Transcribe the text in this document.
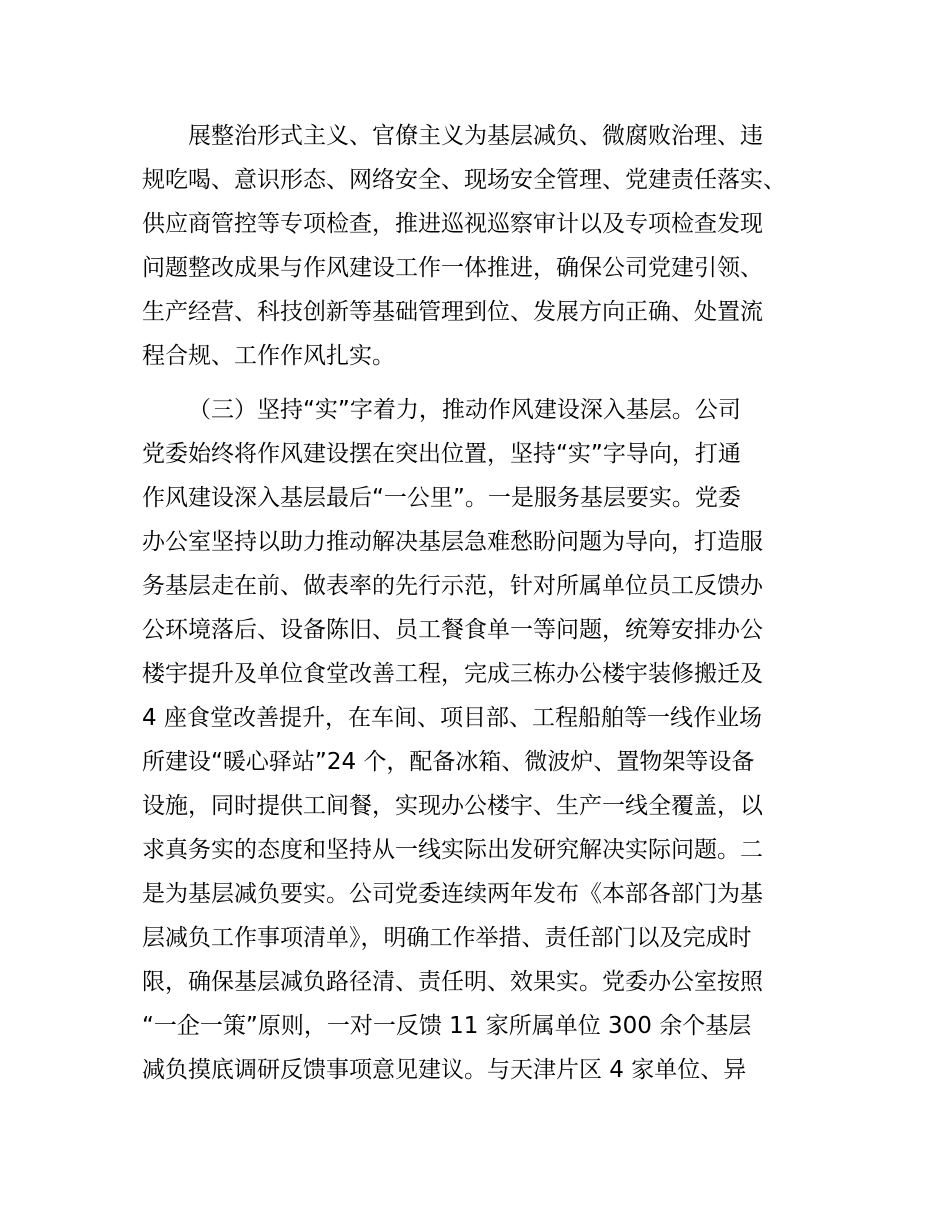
展整治形式主义、官僚主义为基层减负、微腐败治理、违
规吃喝、意识形态、网络安全、现场安全管理、党建责任落实、
供应商管控等专项检查，推进巡视巡察审计以及专项检查发现
问题整改成果与作风建设工作一体推进，确保公司党建引领、
生产经营、科技创新等基础管理到位、发展方向正确、处置流
程合规、工作作风扎实。
（三）坚持“实”字着力，推动作风建设深入基层。公司
党委始终将作风建设摆在突出位置，坚持“实”字导向，打通
作风建设深入基层最后“一公里”。一是服务基层要实。党委
办公室坚持以助力推动解决基层急难愁盼问题为导向，打造服
务基层走在前、做表率的先行示范，针对所属单位员工反馈办
公环境落后、设备陈旧、员工餐食单一等问题，统筹安排办公
楼宇提升及单位食堂改善工程，完成三栋办公楼宇装修搬迁及
4 座食堂改善提升，在车间、项目部、工程船舶等一线作业场
所建设“暖心驿站”24 个，配备冰箱、微波炉、置物架等设备
设施，同时提供工间餐，实现办公楼宇、生产一线全覆盖，以
求真务实的态度和坚持从一线实际出发研究解决实际问题。二
是为基层减负要实。公司党委连续两年发布《本部各部门为基
层减负工作事项清单》，明确工作举措、责任部门以及完成时
限，确保基层减负路径清、责任明、效果实。党委办公室按照
“一企一策”原则，一对一反馈 11 家所属单位 300 余个基层
减负摸底调研反馈事项意见建议。与天津片区 4 家单位、异
